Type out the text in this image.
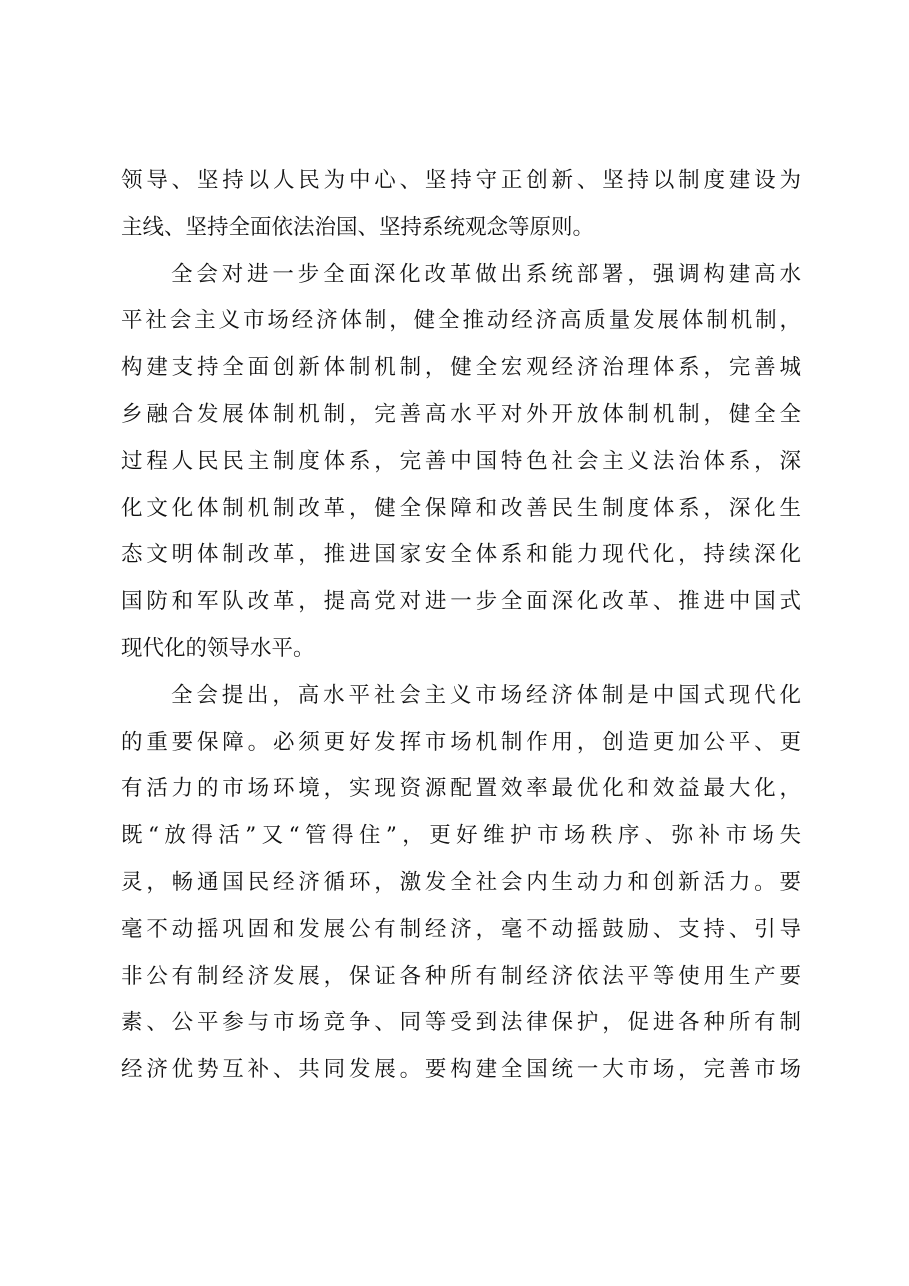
领导、坚持以人民为中心、坚持守正创新、坚持以制度建设为
主线、坚持全面依法治国、坚持系统观念等原则。
全会对进一步全面深化改革做出系统部署，强调构建高水
平社会主义市场经济体制，健全推动经济高质量发展体制机制，
构建支持全面创新体制机制，健全宏观经济治理体系，完善城
乡融合发展体制机制，完善高水平对外开放体制机制，健全全
过程人民民主制度体系，完善中国特色社会主义法治体系，深
化文化体制机制改革，健全保障和改善民生制度体系，深化生
态文明体制改革，推进国家安全体系和能力现代化，持续深化
国防和军队改革，提高党对进一步全面深化改革、推进中国式
现代化的领导水平。
全会提出，高水平社会主义市场经济体制是中国式现代化
的重要保障。必须更好发挥市场机制作用，创造更加公平、更
有活力的市场环境，实现资源配置效率最优化和效益最大化，
既“放得活”又“管得住”，更好维护市场秩序、弥补市场失
灵，畅通国民经济循环，激发全社会内生动力和创新活力。要
毫不动摇巩固和发展公有制经济，毫不动摇鼓励、支持、引导
非公有制经济发展，保证各种所有制经济依法平等使用生产要
素、公平参与市场竞争、同等受到法律保护，促进各种所有制
经济优势互补、共同发展。要构建全国统一大市场，完善市场
